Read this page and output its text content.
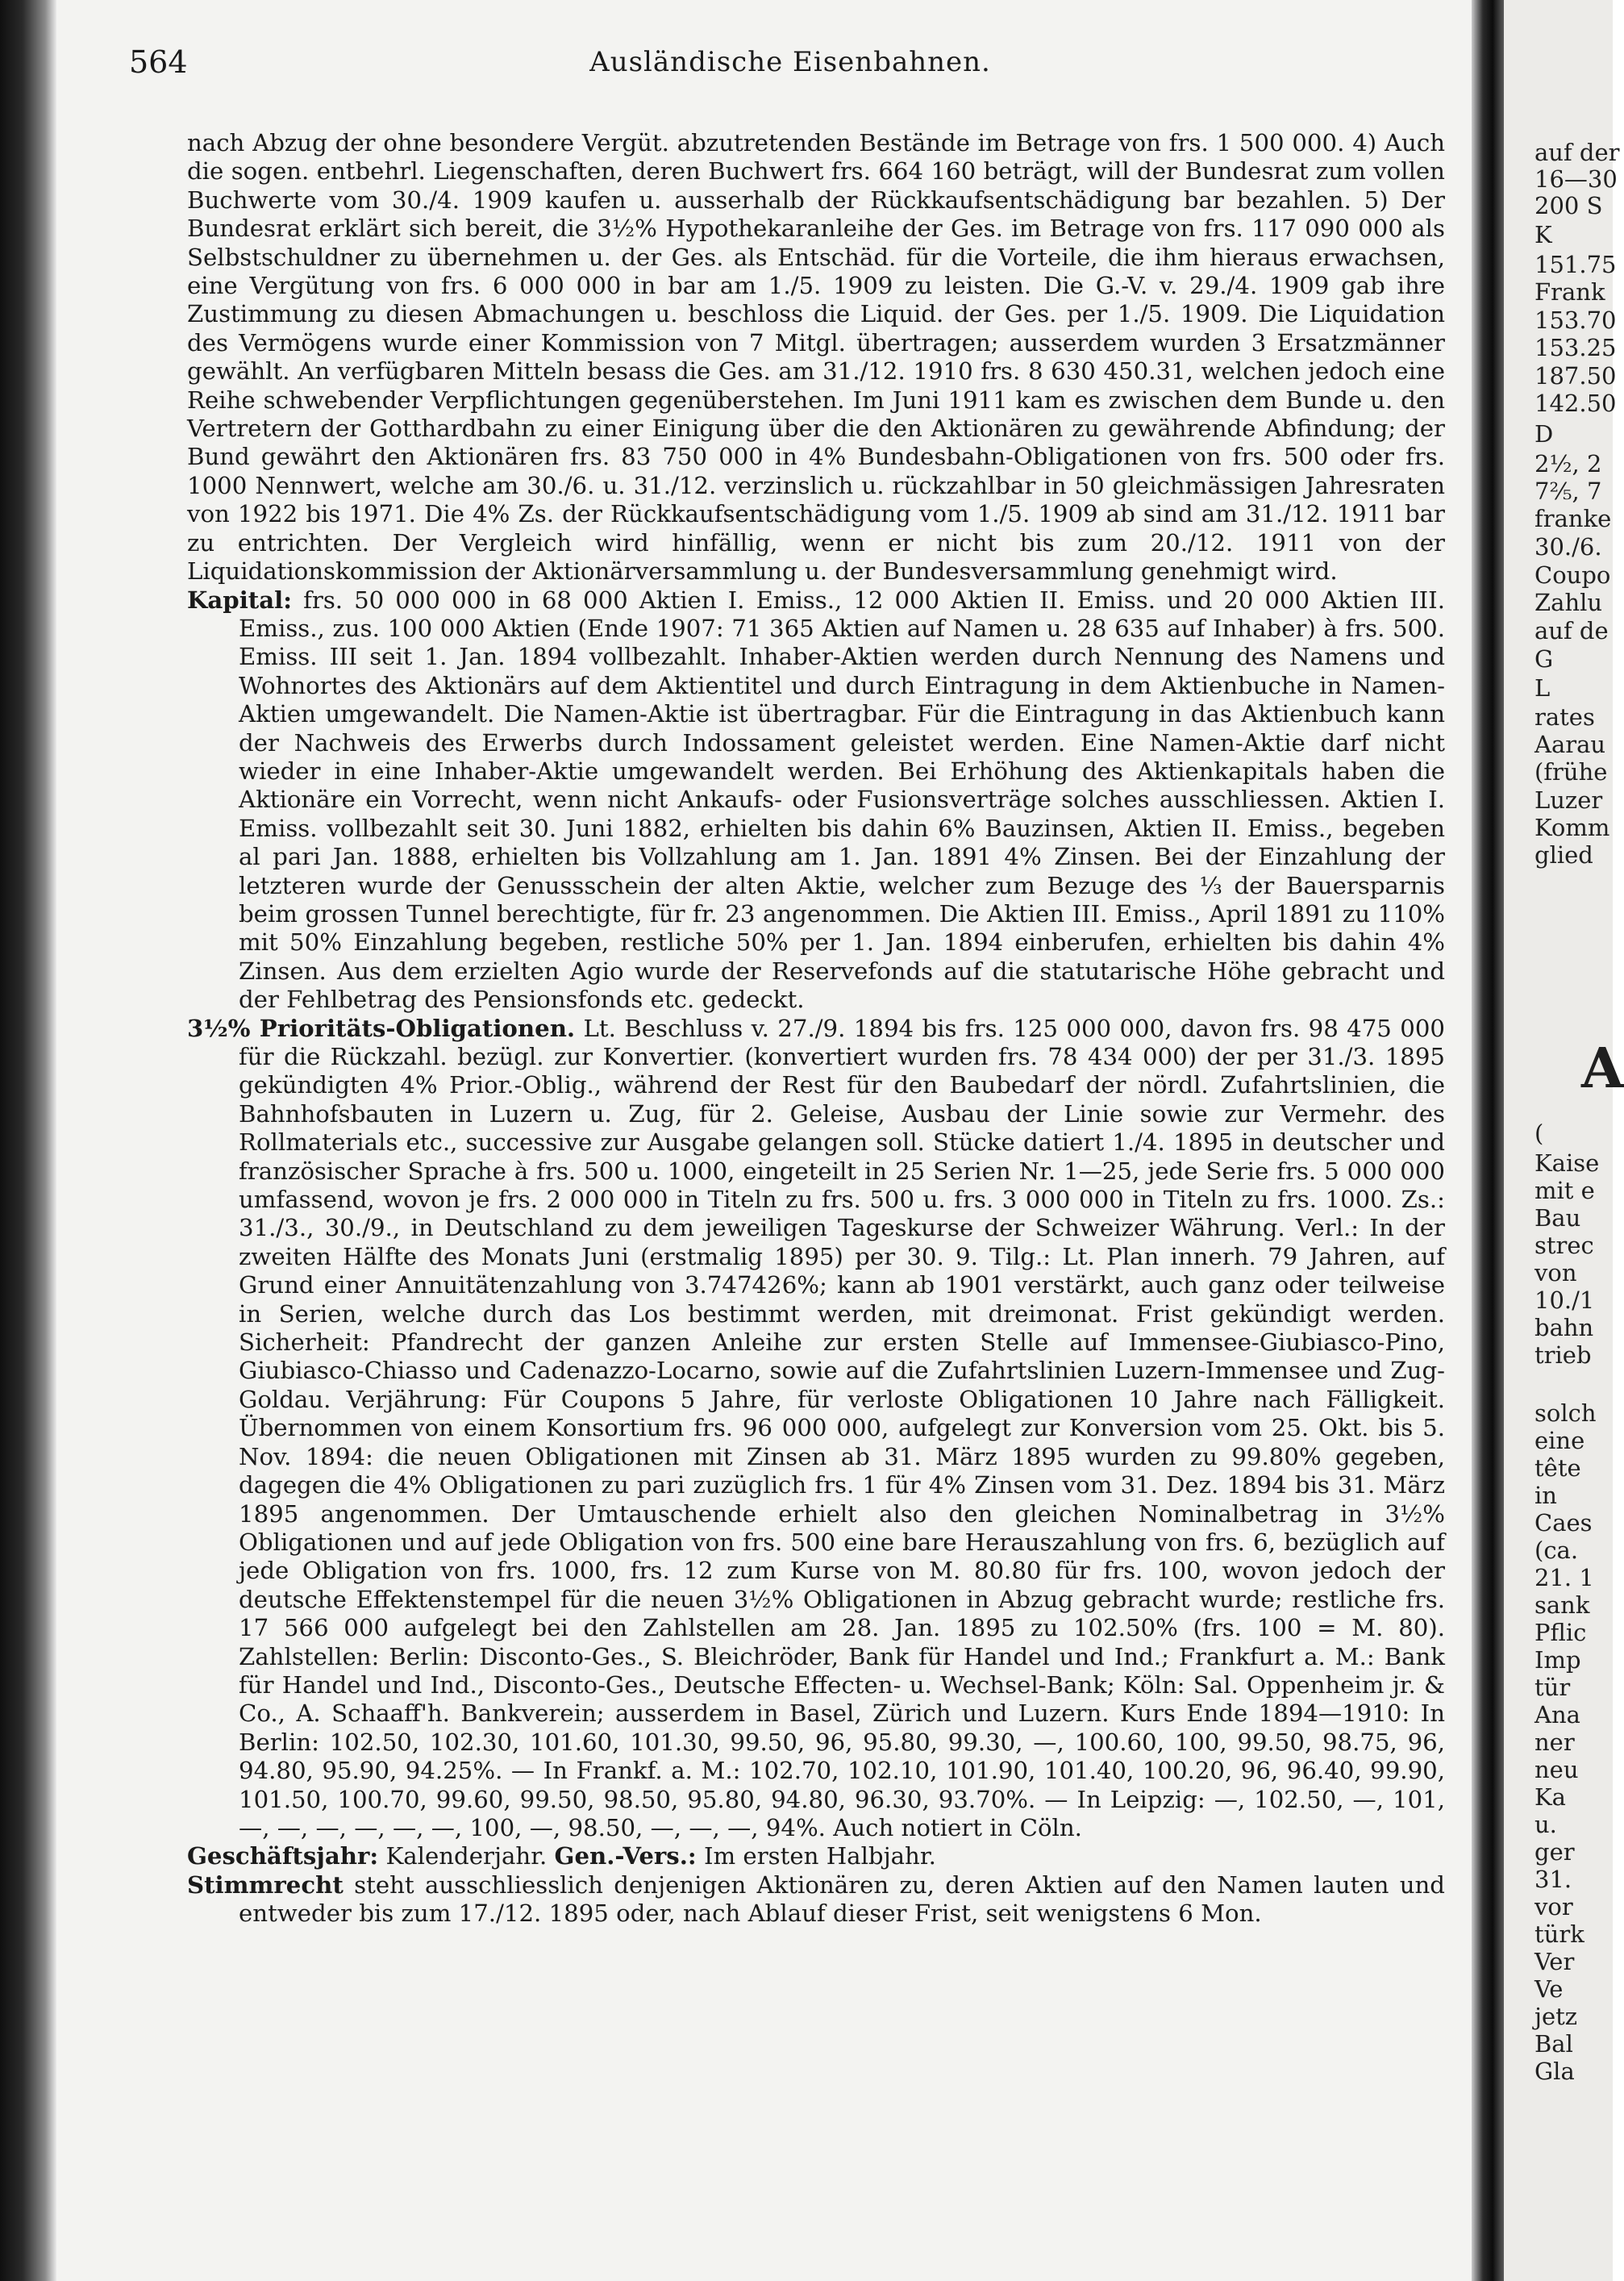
564	Ausländische Eisenbahnen.

nach Abzug der ohne besondere Vergüt. abzutretenden Bestände im Betrage von frs. 1 500 000. 4) Auch die sogen. entbehrl. Liegenschaften, deren Buchwert frs. 664 160 beträgt, will der Bundesrat zum vollen Buchwerte vom 30./4. 1909 kaufen u. ausserhalb der Rückkaufsentschädigung bar bezahlen. 5) Der Bundesrat erklärt sich bereit, die 3½% Hypothekaranleihe der Ges. im Betrage von frs. 117 090 000 als Selbstschuldner zu übernehmen u. der Ges. als Entschäd. für die Vorteile, die ihm hieraus erwachsen, eine Vergütung von frs. 6 000 000 in bar am 1./5. 1909 zu leisten. Die G.-V. v. 29./4. 1909 gab ihre Zustimmung zu diesen Abmachungen u. beschloss die Liquid. der Ges. per 1./5. 1909. Die Liquidation des Vermögens wurde einer Kommission von 7 Mitgl. übertragen; ausserdem wurden 3 Ersatzmänner gewählt. An verfügbaren Mitteln besass die Ges. am 31./12. 1910 frs. 8 630 450.31, welchen jedoch eine Reihe schwebender Verpflichtungen gegenüberstehen. Im Juni 1911 kam es zwischen dem Bunde u. den Vertretern der Gotthardbahn zu einer Einigung über die den Aktionären zu gewährende Abfindung; der Bund gewährt den Aktionären frs. 83 750 000 in 4% Bundesbahn-Obligationen von frs. 500 oder frs. 1000 Nennwert, welche am 30./6. u. 31./12. verzinslich u. rückzahlbar in 50 gleichmässigen Jahresraten von 1922 bis 1971. Die 4% Zs. der Rückkaufsentschädigung vom 1./5. 1909 ab sind am 31./12. 1911 bar zu entrichten. Der Vergleich wird hinfällig, wenn er nicht bis zum 20./12. 1911 von der Liquidationskommission der Aktionärversammlung u. der Bundesversammlung genehmigt wird.

Kapital: frs. 50 000 000 in 68 000 Aktien I. Emiss., 12 000 Aktien II. Emiss. und 20 000 Aktien III. Emiss., zus. 100 000 Aktien (Ende 1907: 71 365 Aktien auf Namen u. 28 635 auf Inhaber) à frs. 500. Emiss. III seit 1. Jan. 1894 vollbezahlt. Inhaber-Aktien werden durch Nennung des Namens und Wohnortes des Aktionärs auf dem Aktientitel und durch Eintragung in dem Aktienbuche in Namen-Aktien umgewandelt. Die Namen-Aktie ist übertragbar. Für die Eintragung in das Aktienbuch kann der Nachweis des Erwerbs durch Indossament geleistet werden. Eine Namen-Aktie darf nicht wieder in eine Inhaber-Aktie umgewandelt werden. Bei Erhöhung des Aktienkapitals haben die Aktionäre ein Vorrecht, wenn nicht Ankaufs- oder Fusionsverträge solches ausschliessen. Aktien I. Emiss. vollbezahlt seit 30. Juni 1882, erhielten bis dahin 6% Bauzinsen, Aktien II. Emiss., begeben al pari Jan. 1888, erhielten bis Vollzahlung am 1. Jan. 1891 4% Zinsen. Bei der Einzahlung der letzteren wurde der Genussschein der alten Aktie, welcher zum Bezuge des ⅓ der Bauersparnis beim grossen Tunnel berechtigte, für fr. 23 angenommen. Die Aktien III. Emiss., April 1891 zu 110% mit 50% Einzahlung begeben, restliche 50% per 1. Jan. 1894 einberufen, erhielten bis dahin 4% Zinsen. Aus dem erzielten Agio wurde der Reservefonds auf die statutarische Höhe gebracht und der Fehlbetrag des Pensionsfonds etc. gedeckt.

3½% Prioritäts-Obligationen. Lt. Beschluss v. 27./9. 1894 bis frs. 125 000 000, davon frs. 98 475 000 für die Rückzahl. bezügl. zur Konvertier. (konvertiert wurden frs. 78 434 000) der per 31./3. 1895 gekündigten 4% Prior.-Oblig., während der Rest für den Baubedarf der nördl. Zufahrtslinien, die Bahnhofsbauten in Luzern u. Zug, für 2. Geleise, Ausbau der Linie sowie zur Vermehr. des Rollmaterials etc., successive zur Ausgabe gelangen soll. Stücke datiert 1./4. 1895 in deutscher und französischer Sprache à frs. 500 u. 1000, eingeteilt in 25 Serien Nr. 1—25, jede Serie frs. 5 000 000 umfassend, wovon je frs. 2 000 000 in Titeln zu frs. 500 u. frs. 3 000 000 in Titeln zu frs. 1000. Zs.: 31./3., 30./9., in Deutschland zu dem jeweiligen Tageskurse der Schweizer Währung. Verl.: In der zweiten Hälfte des Monats Juni (erstmalig 1895) per 30. 9. Tilg.: Lt. Plan innerh. 79 Jahren, auf Grund einer Annuitätenzahlung von 3.747426%; kann ab 1901 verstärkt, auch ganz oder teilweise in Serien, welche durch das Los bestimmt werden, mit dreimonat. Frist gekündigt werden. Sicherheit: Pfandrecht der ganzen Anleihe zur ersten Stelle auf Immensee-Giubiasco-Pino, Giubiasco-Chiasso und Cadenazzo-Locarno, sowie auf die Zufahrtslinien Luzern-Immensee und Zug-Goldau. Verjährung: Für Coupons 5 Jahre, für verloste Obligationen 10 Jahre nach Fälligkeit. Übernommen von einem Konsortium frs. 96 000 000, aufgelegt zur Konversion vom 25. Okt. bis 5. Nov. 1894: die neuen Obligationen mit Zinsen ab 31. März 1895 wurden zu 99.80% gegeben, dagegen die 4% Obligationen zu pari zuzüglich frs. 1 für 4% Zinsen vom 31. Dez. 1894 bis 31. März 1895 angenommen. Der Umtauschende erhielt also den gleichen Nominalbetrag in 3½% Obligationen und auf jede Obligation von frs. 500 eine bare Herauszahlung von frs. 6, bezüglich auf jede Obligation von frs. 1000, frs. 12 zum Kurse von M. 80.80 für frs. 100, wovon jedoch der deutsche Effektenstempel für die neuen 3½% Obligationen in Abzug gebracht wurde; restliche frs. 17 566 000 aufgelegt bei den Zahlstellen am 28. Jan. 1895 zu 102.50% (frs. 100 = M. 80). Zahlstellen: Berlin: Disconto-Ges., S. Bleichröder, Bank für Handel und Ind.; Frankfurt a. M.: Bank für Handel und Ind., Disconto-Ges., Deutsche Effecten- u. Wechsel-Bank; Köln: Sal. Oppenheim jr. & Co., A. Schaaff'h. Bankverein; ausserdem in Basel, Zürich und Luzern. Kurs Ende 1894—1910: In Berlin: 102.50, 102.30, 101.60, 101.30, 99.50, 96, 95.80, 99.30, —, 100.60, 100, 99.50, 98.75, 96, 94.80, 95.90, 94.25%. — In Frankf. a. M.: 102.70, 102.10, 101.90, 101.40, 100.20, 96, 96.40, 99.90, 101.50, 100.70, 99.60, 99.50, 98.50, 95.80, 94.80, 96.30, 93.70%. — In Leipzig: —, 102.50, —, 101, —, —, —, —, —, —, 100, —, 98.50, —, —, —, 94%. Auch notiert in Cöln.

Geschäftsjahr: Kalenderjahr. Gen.-Vers.: Im ersten Halbjahr.

Stimmrecht steht ausschliesslich denjenigen Aktionären zu, deren Aktien auf den Namen lauten und entweder bis zum 17./12. 1895 oder, nach Ablauf dieser Frist, seit wenigstens 6 Mon.

auf der
16—30
200 S
K
151.75
Frank
153.70
153.25
187.50
142.50
D
2½, 2
7⅖, 7
franke
30./6.
Coupo
Zahlu
auf de
G
L
rates
Aarau
(frühe
Luzer
Komm
glied
(
Kaise
mit e
Bau
strec
von
10./1
bahn
trieb
solch
eine
tête
in
Caes
(ca.
21. 1
sank
Pflic
Imp
tür
Ana
ner
neu
Ka
u.
ger
31.
vor
türk
Ver
Ve
jetz
Bal
Gla
A
